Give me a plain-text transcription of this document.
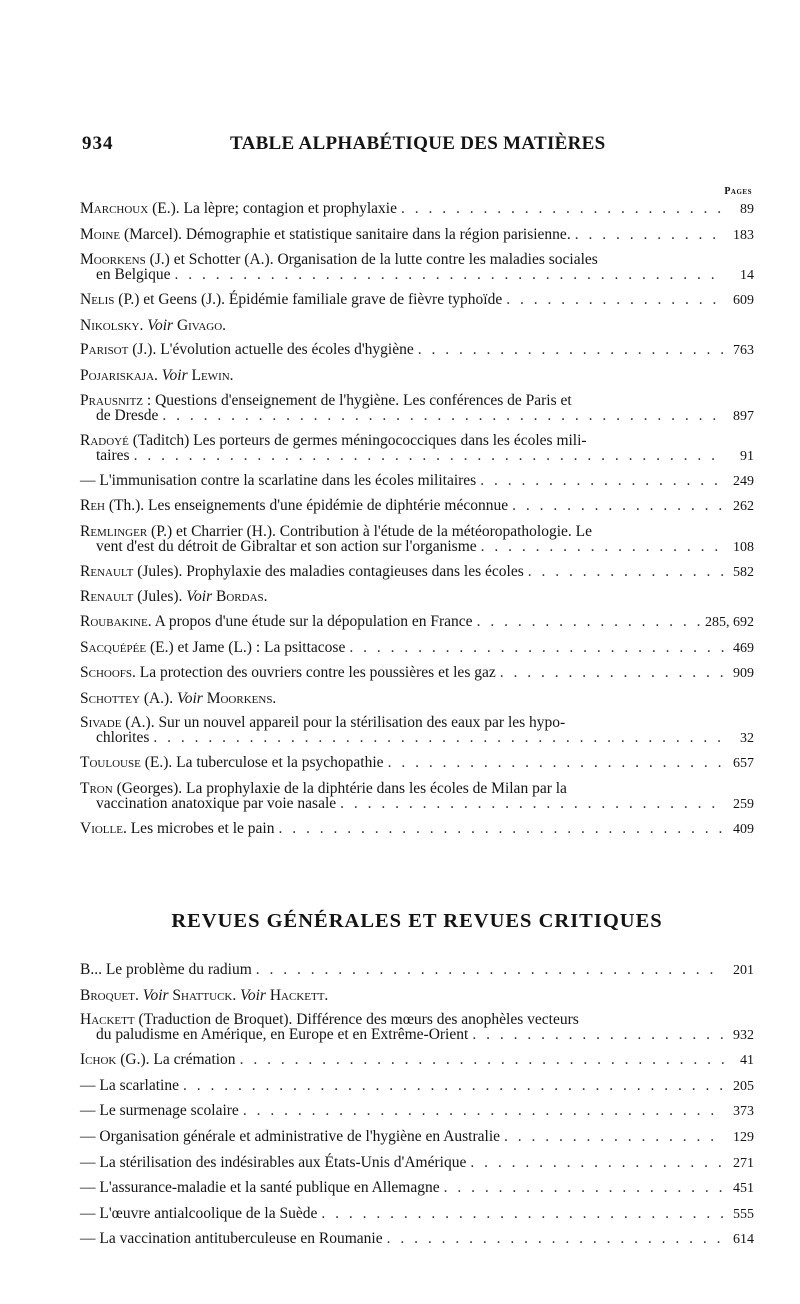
934	TABLE ALPHABÉTIQUE DES MATIÈRES
Pages
Marchoux (E.). La lèpre; contagion et prophylaxie . . .	89
Moine (Marcel). Démographie et statistique sanitaire dans la région parisienne. . . .	183
Moorkens (J.) et Schotter (A.). Organisation de la lutte contre les maladies sociales
en Belgique . . .	14
Nelis (P.) et Geens (J.). Épidémie familiale grave de fièvre typhoïde . . .	609
Nikolsky. Voir Givago.
Parisot (J.). L'évolution actuelle des écoles d'hygiène . . .	763
Pojariskaja. Voir Lewin.
Prausnitz : Questions d'enseignement de l'hygiène. Les conférences de Paris et
de Dresde . . .	897
Radoyé (Taditch) Les porteurs de germes méningococciques dans les écoles mili-
taires . . .	91
— L'immunisation contre la scarlatine dans les écoles militaires . . .	249
Reh (Th.). Les enseignements d'une épidémie de diphtérie méconnue . . .	262
Remlinger (P.) et Charrier (H.). Contribution à l'étude de la météoropathologie. Le
vent d'est du détroit de Gibraltar et son action sur l'organisme . . .	108
Renault (Jules). Prophylaxie des maladies contagieuses dans les écoles . . .	582
Renault (Jules). Voir Bordas.
Roubakine. A propos d'une étude sur la dépopulation en France . . .	285, 692
Sacquépée (E.) et Jame (L.) : La psittacose . . .	469
Schoofs. La protection des ouvriers contre les poussières et les gaz . . .	909
Schottey (A.). Voir Moorkens.
Sivade (A.). Sur un nouvel appareil pour la stérilisation des eaux par les hypo-
chlorites . . .	32
Toulouse (E.). La tuberculose et la psychopathie . . .	657
Tron (Georges). La prophylaxie de la diphtérie dans les écoles de Milan par la
vaccination anatoxique par voie nasale . . .	259
Violle. Les microbes et le pain . . .	409
REVUES GÉNÉRALES ET REVUES CRITIQUES
B... Le problème du radium . . .	201
Broquet. Voir Shattuck. Voir Hackett.
Hackett (Traduction de Broquet). Différence des mœurs des anophèles vecteurs
du paludisme en Amérique, en Europe et en Extrême-Orient . . .	932
Ichok (G.). La crémation . . .	41
— La scarlatine . . .	205
— Le surmenage scolaire . . .	373
— Organisation générale et administrative de l'hygiène en Australie . . .	129
— La stérilisation des indésirables aux États-Unis d'Amérique . . .	271
— L'assurance-maladie et la santé publique en Allemagne . . .	451
— L'œuvre antialcoolique de la Suède . . .	555
— La vaccination antituberculeuse en Roumanie . . .	614
